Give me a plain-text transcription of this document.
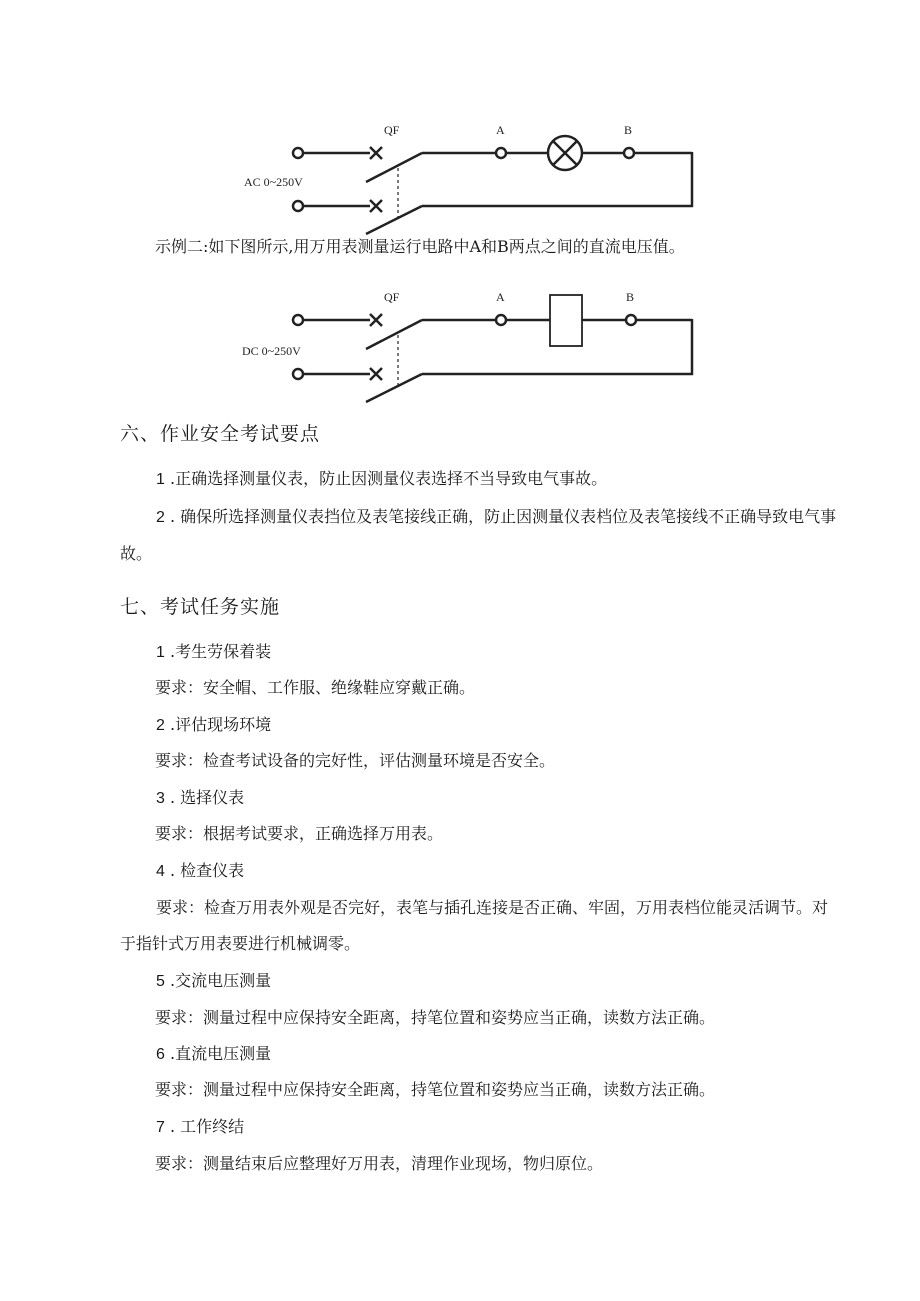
QF	A	B
AC 0~250V
示例二:如下图所示,用万用表测量运行电路中A和B两点之间的直流电压值。
QF	A	B
DC 0~250V
六、作业安全考试要点
1 .正确选择测量仪表，防止因测量仪表选择不当导致电气事故。
2 . 确保所选择测量仪表挡位及表笔接线正确，防止因测量仪表档位及表笔接线不正确导致电气事故。
七、考试任务实施
1 .考生劳保着装
要求：安全帽、工作服、绝缘鞋应穿戴正确。
2 .评估现场环境
要求：检查考试设备的完好性，评估测量环境是否安全。
3 . 选择仪表
要求：根据考试要求，正确选择万用表。
4 . 检查仪表
要求：检查万用表外观是否完好，表笔与插孔连接是否正确、牢固，万用表档位能灵活调节。对于指针式万用表要进行机械调零。
5 .交流电压测量
要求：测量过程中应保持安全距离，持笔位置和姿势应当正确，读数方法正确。
6 .直流电压测量
要求：测量过程中应保持安全距离，持笔位置和姿势应当正确，读数方法正确。
7 . 工作终结
要求：测量结束后应整理好万用表，清理作业现场，物归原位。
